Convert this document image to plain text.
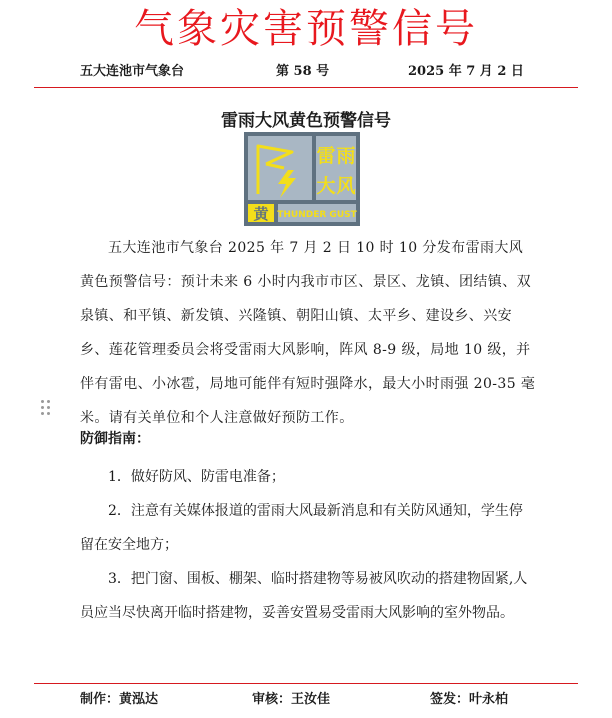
气象灾害预警信号
五大连池市气象台	第 58 号	2025 年 7 月 2 日
雷雨大风黄色预警信号
雷 雨
大 风
黄 THUNDER GUST

五大连池市气象台 2025 年 7 月 2 日 10 时 10 分发布雷雨大风黄色预警信号：预计未来 6 小时内我市市区、景区、龙镇、团结镇、双泉镇、和平镇、新发镇、兴隆镇、朝阳山镇、太平乡、建设乡、兴安乡、莲花管理委员会将受雷雨大风影响，阵风 8-9 级，局地 10 级，并伴有雷电、小冰雹，局地可能伴有短时强降水，最大小时雨强 20-35 毫米。请有关单位和个人注意做好预防工作。

防御指南：

1．做好防风、防雷电准备；

2．注意有关媒体报道的雷雨大风最新消息和有关防风通知，学生停留在安全地方；

3．把门窗、围板、棚架、临时搭建物等易被风吹动的搭建物固紧,人员应当尽快离开临时搭建物，妥善安置易受雷雨大风影响的室外物品。

制作：黄泓达	审核：王汝佳	签发：叶永柏
